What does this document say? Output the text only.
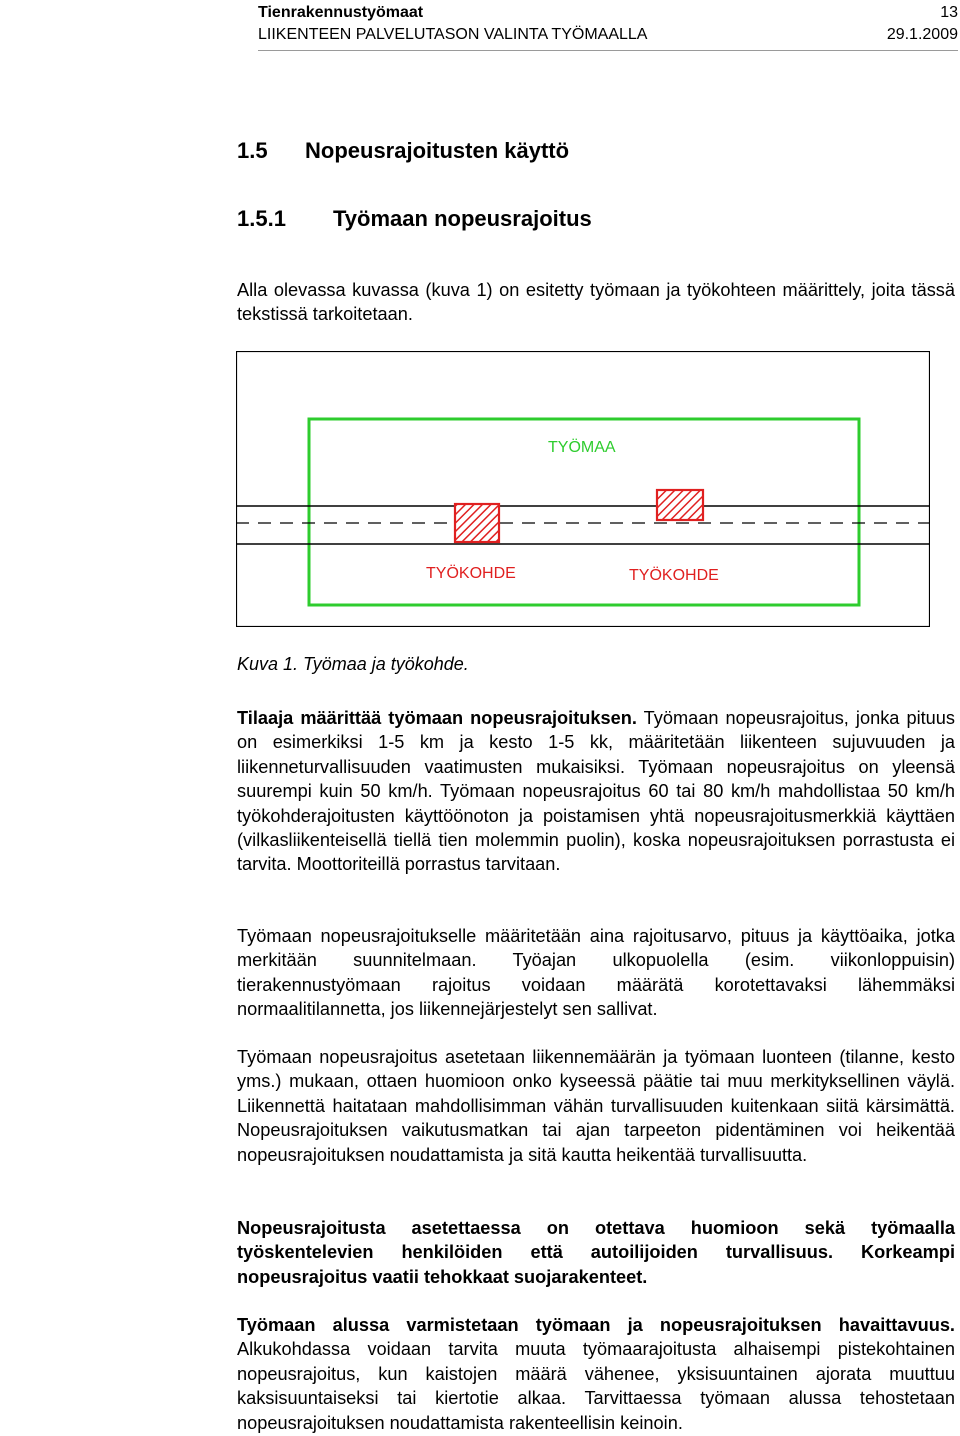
Tienrakennustyömaat
LIIKENTEEN PALVELUTASON VALINTA TYÖMAALLA
13
29.1.2009
1.5 Nopeusrajoitusten käyttö
1.5.1 Työmaan nopeusrajoitus

Alla olevassa kuvassa (kuva 1) on esitetty työmaan ja työkohteen määrittely, joita tässä tekstissä tarkoitetaan.

TYÖMAA
TYÖKOHDE	TYÖKOHDE
Kuva 1. Työmaa ja työkohde.

Tilaaja määrittää työmaan nopeusrajoituksen. Työmaan nopeusrajoitus, jonka pituus on esimerkiksi 1-5 km ja kesto 1-5 kk, määritetään liikenteen sujuvuuden ja liikenneturvallisuuden vaatimusten mukaisiksi. Työmaan nopeusrajoitus on yleensä suurempi kuin 50 km/h. Työmaan nopeusrajoitus 60 tai 80 km/h mahdollistaa 50 km/h työkohderajoitusten käyttöönoton ja poistamisen yhtä nopeusrajoitusmerkkiä käyttäen (vilkasliikenteisellä tiellä tien molemmin puolin), koska nopeusrajoituksen porrastusta ei tarvita. Moottoriteillä porrastus tarvitaan.

Työmaan nopeusrajoitukselle määritetään aina rajoitusarvo, pituus ja käyttöaika, jotka merkitään suunnitelmaan. Työajan ulkopuolella (esim. viikonloppuisin) tierakennustyömaan rajoitus voidaan määrätä korotettavaksi lähemmäksi normaalitilannetta, jos liikennejärjestelyt sen sallivat.

Työmaan nopeusrajoitus asetetaan liikennemäärän ja työmaan luonteen (tilanne, kesto yms.) mukaan, ottaen huomioon onko kyseessä päätie tai muu merkityksellinen väylä. Liikennettä haitataan mahdollisimman vähän turvallisuuden kuitenkaan siitä kärsimättä. Nopeusrajoituksen vaikutusmatkan tai ajan tarpeeton pidentäminen voi heikentää nopeusrajoituksen noudattamista ja sitä kautta heikentää turvallisuutta.

Nopeusrajoitusta asetettaessa on otettava huomioon sekä työmaalla työskentelevien henkilöiden että autoilijoiden turvallisuus. Korkeampi nopeusrajoitus vaatii tehokkaat suojarakenteet.

Työmaan alussa varmistetaan työmaan ja nopeusrajoituksen havaittavuus. Alkukohdassa voidaan tarvita muuta työmaarajoitusta alhaisempi pistekohtainen nopeusrajoitus, kun kaistojen määrä vähenee, yksisuuntainen ajorata muuttuu kaksisuuntaiseksi tai kiertotie alkaa. Tarvittaessa työmaan alussa tehostetaan nopeusrajoituksen noudattamista rakenteellisin keinoin.
